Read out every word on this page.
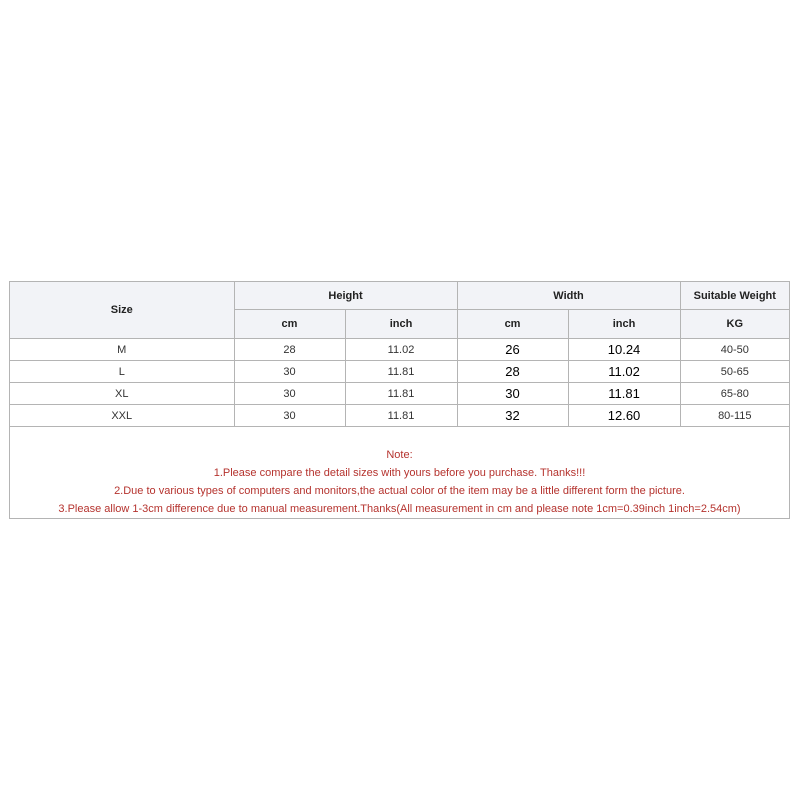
Size	Height		Width		Suitable Weight
	cm	inch	cm	inch	KG
M	28	11.02	26	10.24	40-50
L	30	11.81	28	11.02	50-65
XL	30	11.81	30	11.81	65-80
XXL	30	11.81	32	12.60	80-115
Note:
1.Please compare the detail sizes with yours before you purchase. Thanks!!!
2.Due to various types of computers and monitors,the actual color of the item may be a little different form the picture.
3.Please allow 1-3cm difference due to manual measurement.Thanks(All measurement in cm and please note 1cm=0.39inch 1inch=2.54cm)
